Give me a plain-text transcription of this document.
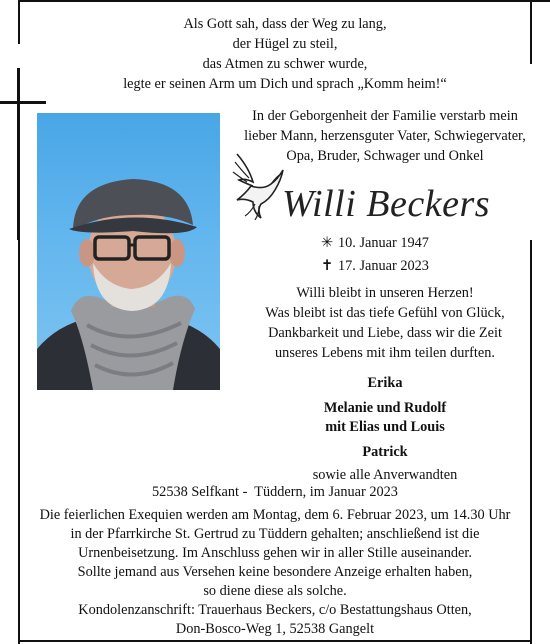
Als Gott sah, dass der Weg zu lang,
der Hügel zu steil,
das Atmen zu schwer wurde,
legte er seinen Arm um Dich und sprach „Komm heim!“
In der Geborgenheit der Familie verstarb mein
lieber Mann, herzensguter Vater, Schwiegervater,
Opa, Bruder, Schwager und Onkel
Willi Beckers
✳ 10. Januar 1947
✝ 17. Januar 2023
Willi bleibt in unseren Herzen!
Was bleibt ist das tiefe Gefühl von Glück,
Dankbarkeit und Liebe, dass wir die Zeit
unseres Lebens mit ihm teilen durften.
Erika
Melanie und Rudolf
mit Elias und Louis
Patrick
sowie alle Anverwandten
52538 Selfkant -  Tüddern, im Januar 2023
Die feierlichen Exequien werden am Montag, dem 6. Februar 2023, um 14.30 Uhr
in der Pfarrkirche St. Gertrud zu Tüddern gehalten; anschließend ist die
Urnenbeisetzung. Im Anschluss gehen wir in aller Stille auseinander.
Sollte jemand aus Versehen keine besondere Anzeige erhalten haben,
so diene diese als solche.
Kondolenzanschrift: Trauerhaus Beckers, c/o Bestattungshaus Otten,
Don-Bosco-Weg 1, 52538 Gangelt
